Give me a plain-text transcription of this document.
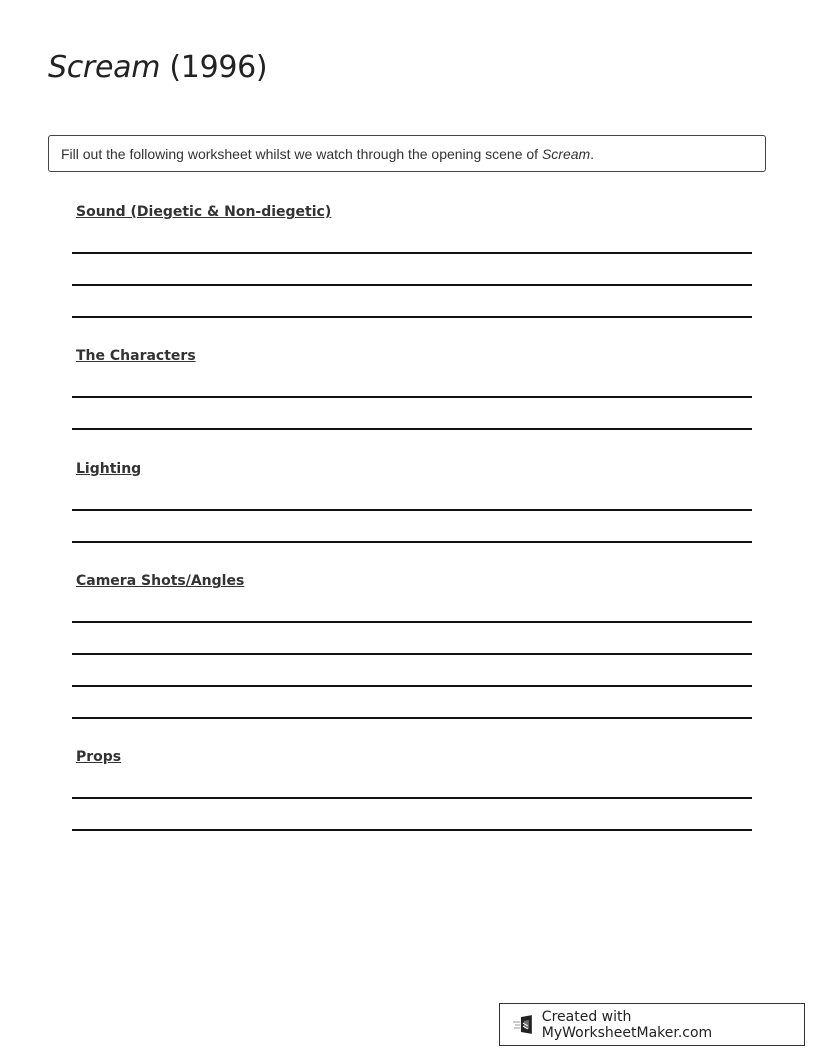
Scream (1996)
Fill out the following worksheet whilst we watch through the opening scene of Scream.
Sound (Diegetic & Non-diegetic)
The Characters
Lighting
Camera Shots/Angles
Props
Created with MyWorksheetMaker.com
